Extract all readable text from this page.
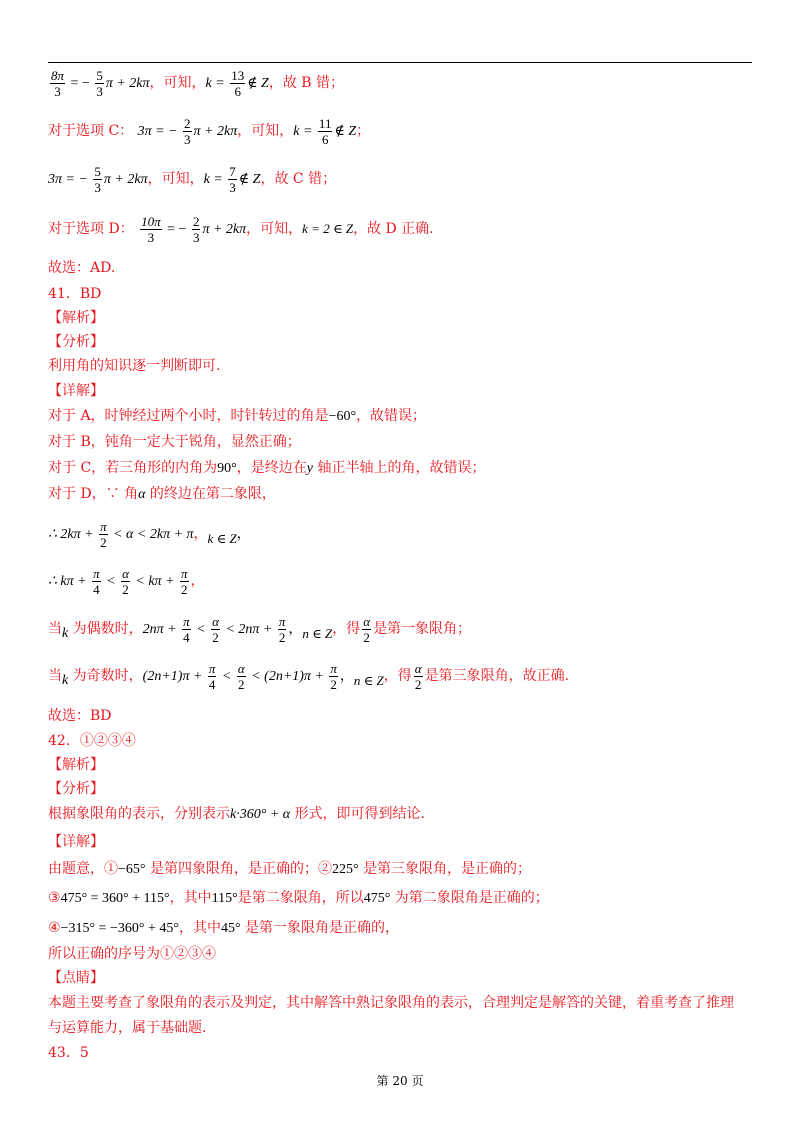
$\frac{8\pi}{3}$ = − $\frac{5}{3}$ π + 2kπ，可知，$k = \frac{13}{6}$ ∉ Z，故 B 错；
对于选项 C： 3π = − $\frac{2}{3}$ π + 2kπ，可知，$k = \frac{11}{6}$ ∉ Z；
3π = − $\frac{5}{3}$ π + 2kπ，可知，$k = \frac{7}{3}$ ∉ Z，故 C 错；
对于选项 D： $\frac{10\pi}{3}$ = − $\frac{2}{3}$ π + 2kπ，可知，k = 2 ∈ Z，故 D 正确.
故选：AD.
41．BD
【解析】
【分析】
利用角的知识逐一判断即可.
【详解】
对于 A，时钟经过两个小时，时针转过的角是−60°，故错误；
对于 B，钝角一定大于锐角，显然正确；
对于 C，若三角形的内角为90°，是终边在y 轴正半轴上的角，故错误；
对于 D，∵ 角α 的终边在第二象限，
∴ $2k\pi + \frac{\pi}{2} < \alpha < 2k\pi + \pi$，k ∈ Z，
∴ $k\pi + \frac{\pi}{4} < \frac{\alpha}{2} < k\pi + \frac{\pi}{2}$ ，
当k 为偶数时，$2n\pi + \frac{\pi}{4} < \frac{\alpha}{2} < 2n\pi + \frac{\pi}{2}$ ，n ∈ Z，得 $\frac{\alpha}{2}$ 是第一象限角；
当k 为奇数时，$(2n+1)\pi + \frac{\pi}{4} < \frac{\alpha}{2} < (2n+1)\pi + \frac{\pi}{2}$ ，n ∈ Z，得 $\frac{\alpha}{2}$ 是第三象限角，故正确.
故选：BD
42．①②③④
【解析】
【分析】
根据象限角的表示，分别表示k·360° + α 形式，即可得到结论.
【详解】
由题意，①−65° 是第四象限角，是正确的；②225° 是第三象限角，是正确的；
③475° = 360° + 115°，其中115°是第二象限角，所以475° 为第二象限角是正确的；
④−315° = −360° + 45°，其中45° 是第一象限角是正确的，
所以正确的序号为①②③④
【点睛】
本题主要考查了象限角的表示及判定，其中解答中熟记象限角的表示，合理判定是解答的关键，着重考查了推理
与运算能力，属于基础题.
43．5
第 20 页
